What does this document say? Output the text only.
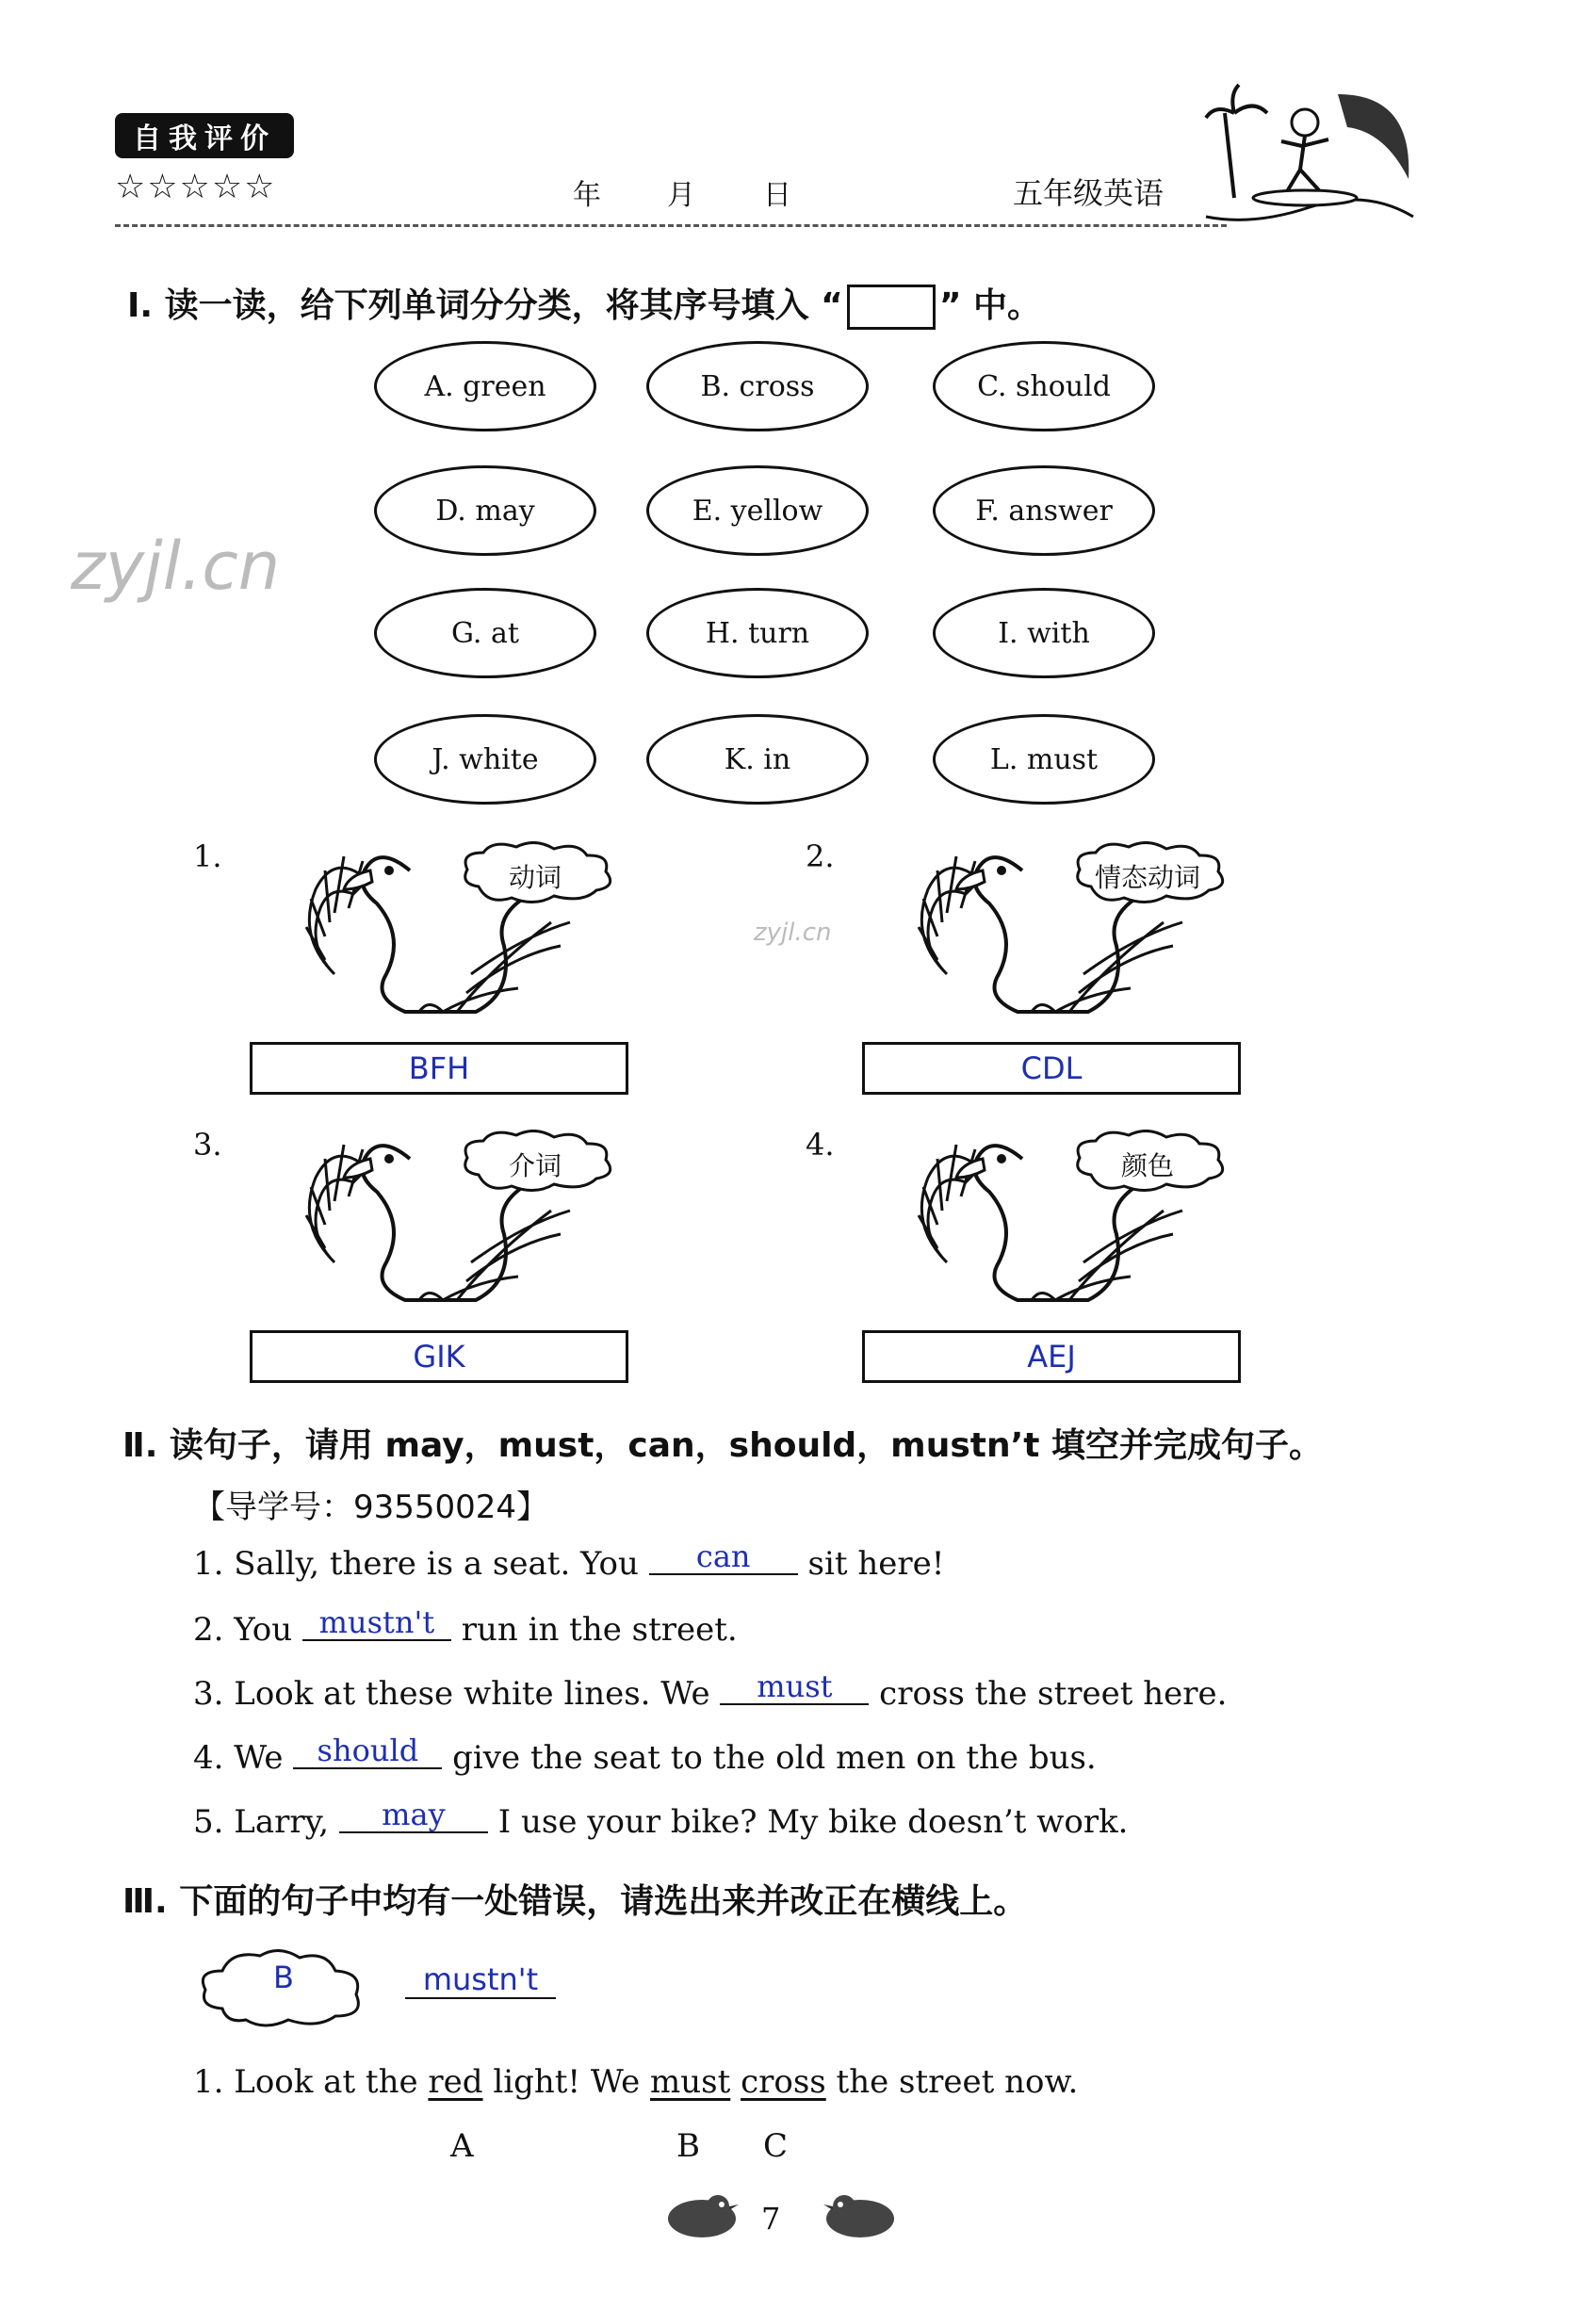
自我评价
☆☆☆☆☆	年 月 日	五年级英语
zyjl.cn
zyjl.cn
Ⅰ. 读一读，给下列单词分分类，将其序号填入 “	” 中。
A. green	B. cross	C. should
D. may	E. yellow	F. answer
G. at	H. turn	I. with
J. white	K. in	L. must
1.
动词
BFH
2.
情态动词
CDL
3.
介词
GIK
4.
颜色
AEJ
Ⅱ. 读句子，请用 may，must，can，should，mustn’t 填空并完成句子。
【导学号：93550024】
1. Sally, there is a seat. You can sit here!
2. You mustn't run in the street.
3. Look at these white lines. We must cross the street here.
4. We should give the seat to the old men on the bus.
5. Larry, may I use your bike? My bike doesn’t work.
Ⅲ. 下面的句子中均有一处错误，请选出来并改正在横线上。
B	mustn't
1. Look at the red light! We must cross the street now.
A	B C
7
